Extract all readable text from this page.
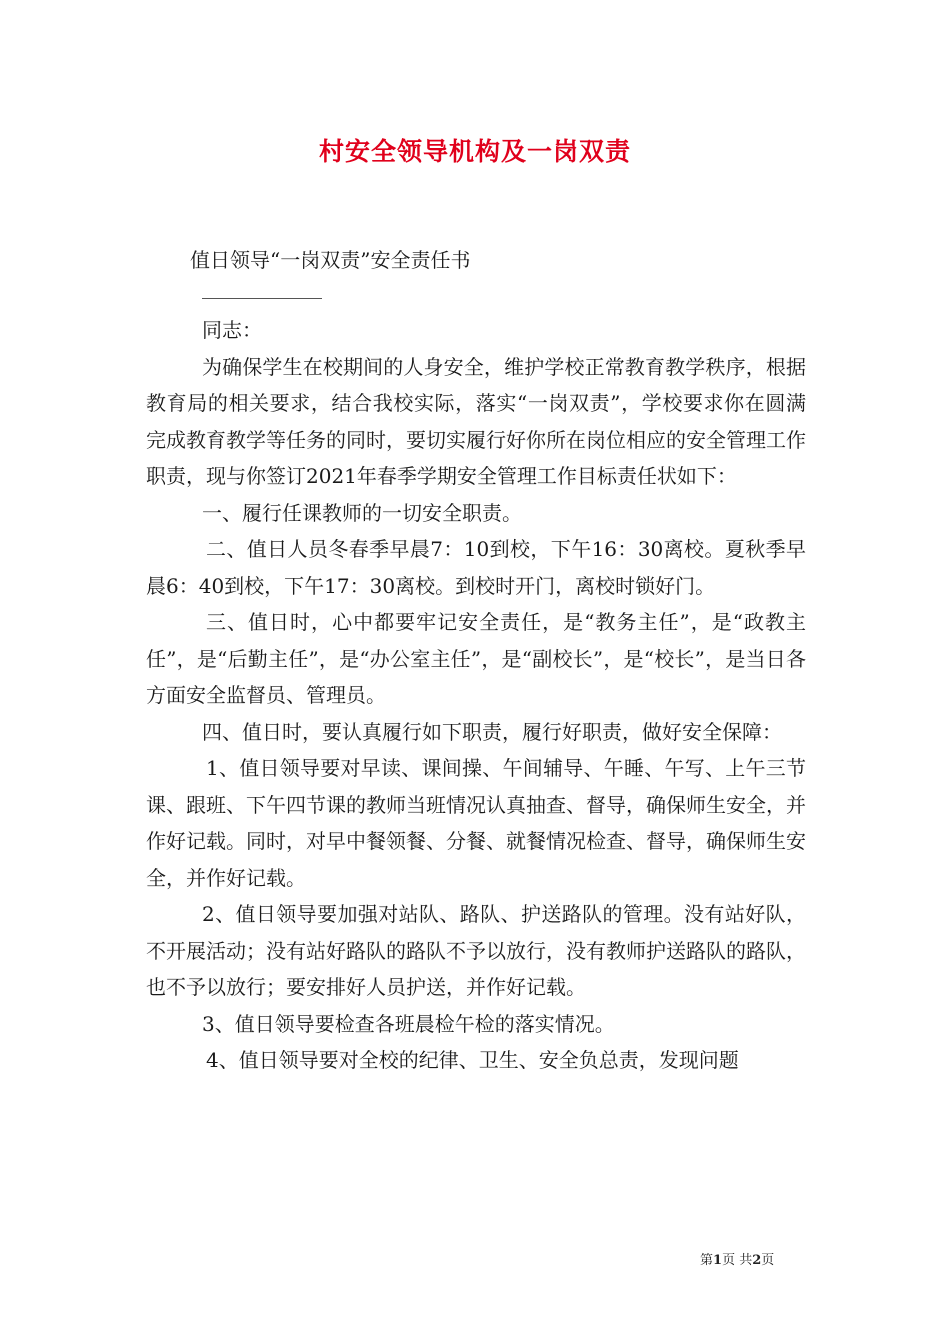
村安全领导机构及一岗双责

值日领导“一岗双责”安全责任书

同志：

为确保学生在校期间的人身安全，维护学校正常教育教学秩序，根据教育局的相关要求，结合我校实际，落实“一岗双责”，学校要求你在圆满完成教育教学等任务的同时，要切实履行好你所在岗位相应的安全管理工作职责，现与你签订2021年春季学期安全管理工作目标责任状如下：

一、履行任课教师的一切安全职责。

二、值日人员冬春季早晨7：10到校，下午16：30离校。夏秋季早晨6：40到校，下午17：30离校。到校时开门，离校时锁好门。

三、值日时，心中都要牢记安全责任，是“教务主任”，是“政教主任”，是“后勤主任”，是“办公室主任”，是“副校长”，是“校长”，是当日各方面安全监督员、管理员。

四、值日时，要认真履行如下职责，履行好职责，做好安全保障：

1、值日领导要对早读、课间操、午间辅导、午睡、午写、上午三节课、跟班、下午四节课的教师当班情况认真抽查、督导，确保师生安全，并作好记载。同时，对早中餐领餐、分餐、就餐情况检查、督导，确保师生安全，并作好记载。

2、值日领导要加强对站队、路队、护送路队的管理。没有站好队，不开展活动；没有站好路队的路队不予以放行，没有教师护送路队的路队，也不予以放行；要安排好人员护送，并作好记载。

3、值日领导要检查各班晨检午检的落实情况。

4、值日领导要对全校的纪律、卫生、安全负总责，发现问题

第1页 共2页
